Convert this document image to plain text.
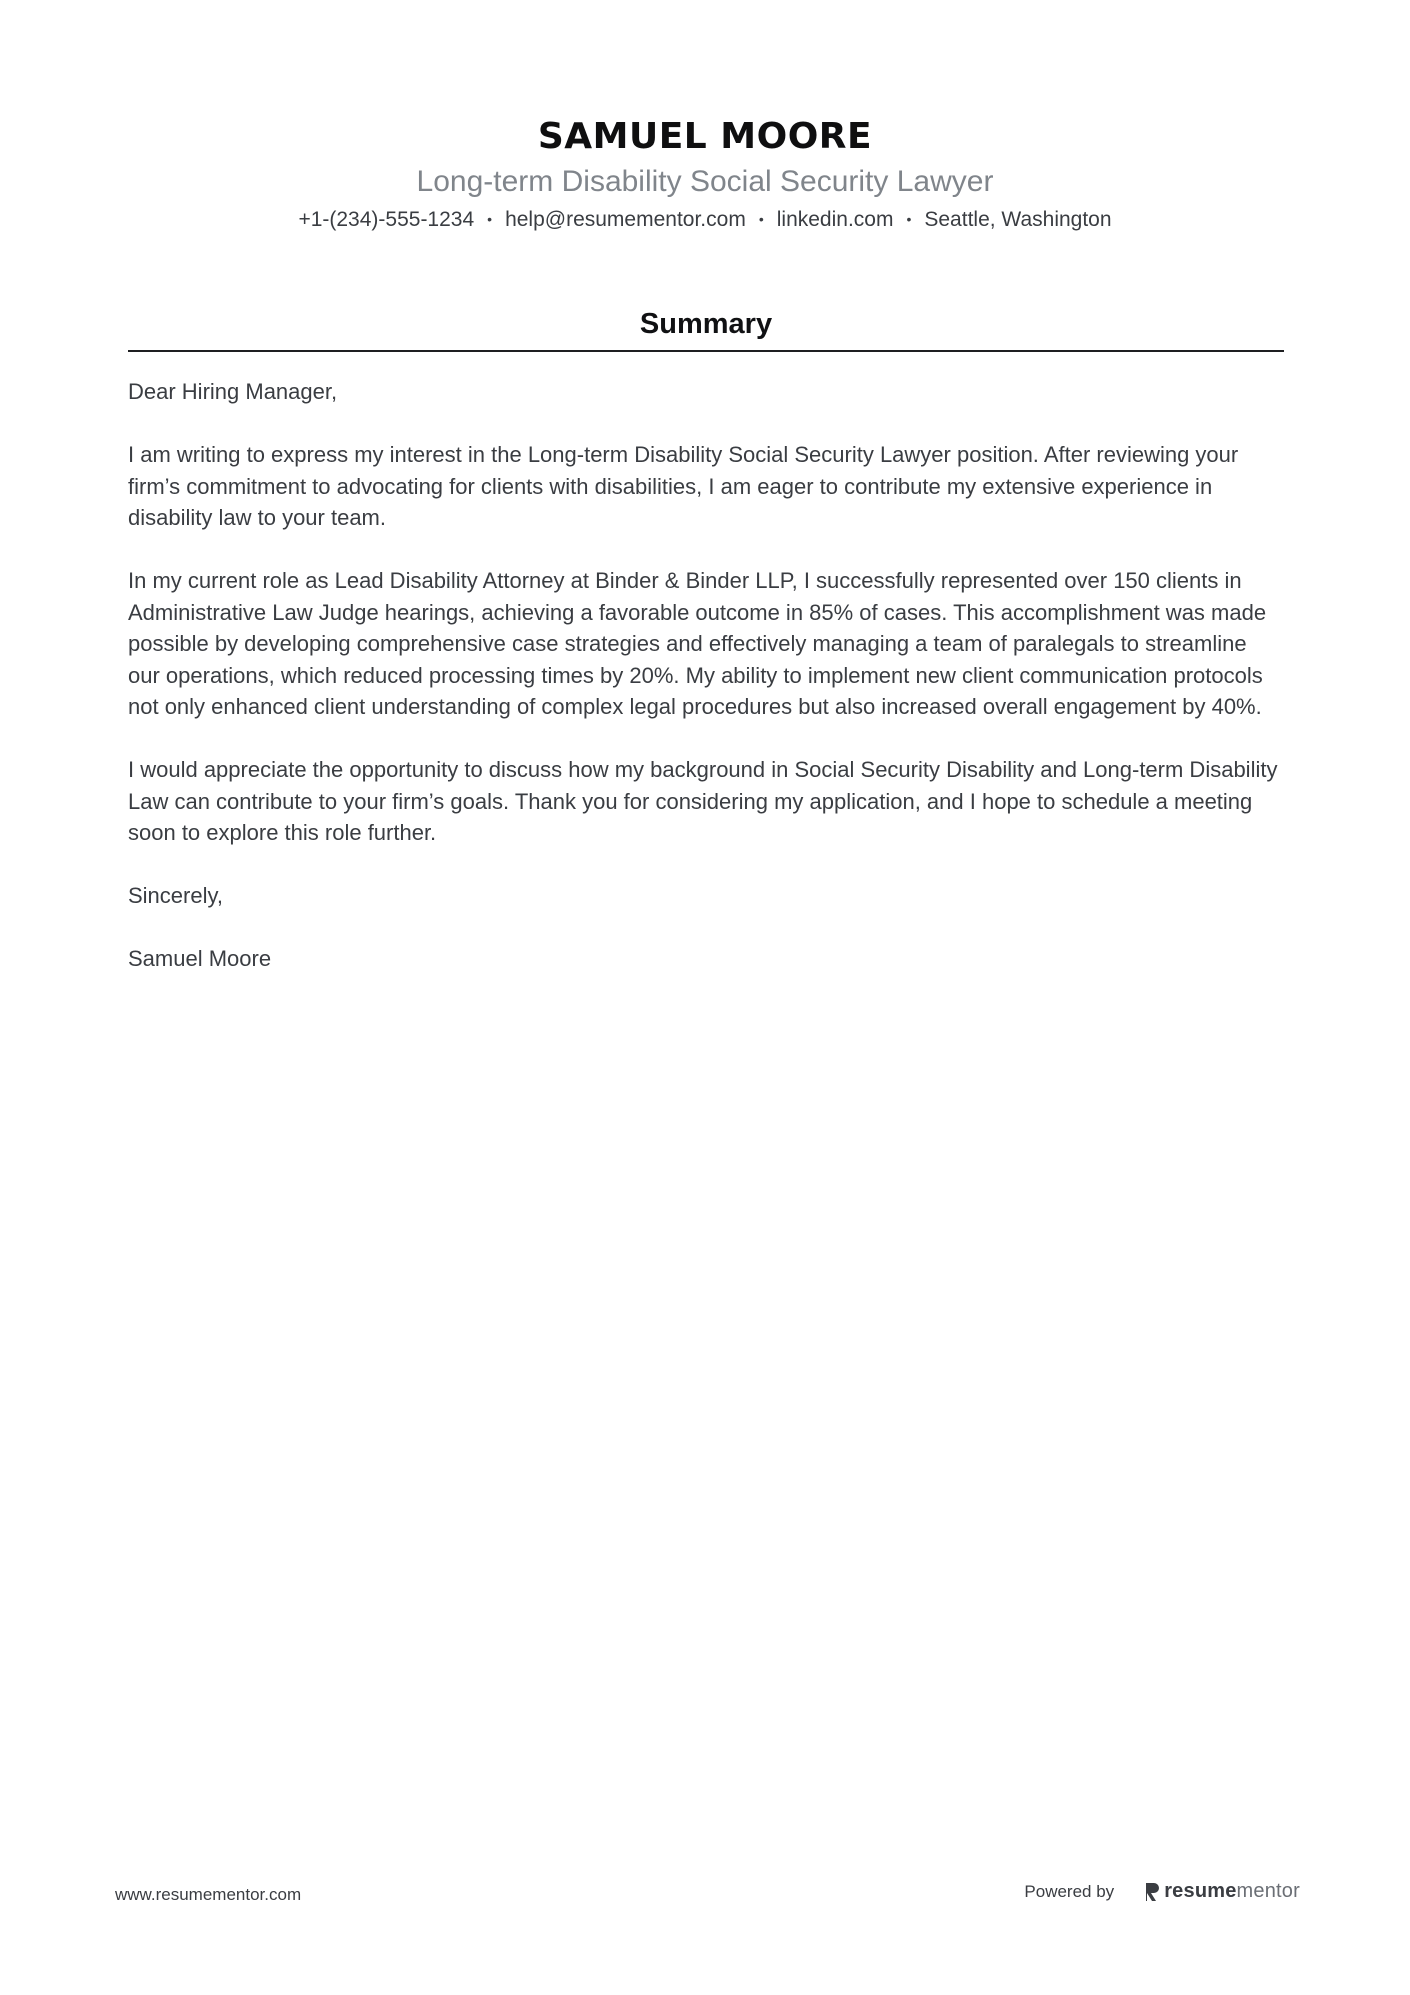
SAMUEL MOORE
Long-term Disability Social Security Lawyer
+1-(234)-555-1234 • help@resumementor.com • linkedin.com • Seattle, Washington
Summary

Dear Hiring Manager,

I am writing to express my interest in the Long-term Disability Social Security Lawyer position. After reviewing your firm’s commitment to advocating for clients with disabilities, I am eager to contribute my extensive experience in disability law to your team.

In my current role as Lead Disability Attorney at Binder & Binder LLP, I successfully represented over 150 clients in Administrative Law Judge hearings, achieving a favorable outcome in 85% of cases. This accomplishment was made possible by developing comprehensive case strategies and effectively managing a team of paralegals to streamline our operations, which reduced processing times by 20%. My ability to implement new client communication protocols not only enhanced client understanding of complex legal procedures but also increased overall engagement by 40%.

I would appreciate the opportunity to discuss how my background in Social Security Disability and Long-term Disability Law can contribute to your firm’s goals. Thank you for considering my application, and I hope to schedule a meeting soon to explore this role further.

Sincerely,

Samuel Moore

www.resumementor.com	Powered by	resume mentor
